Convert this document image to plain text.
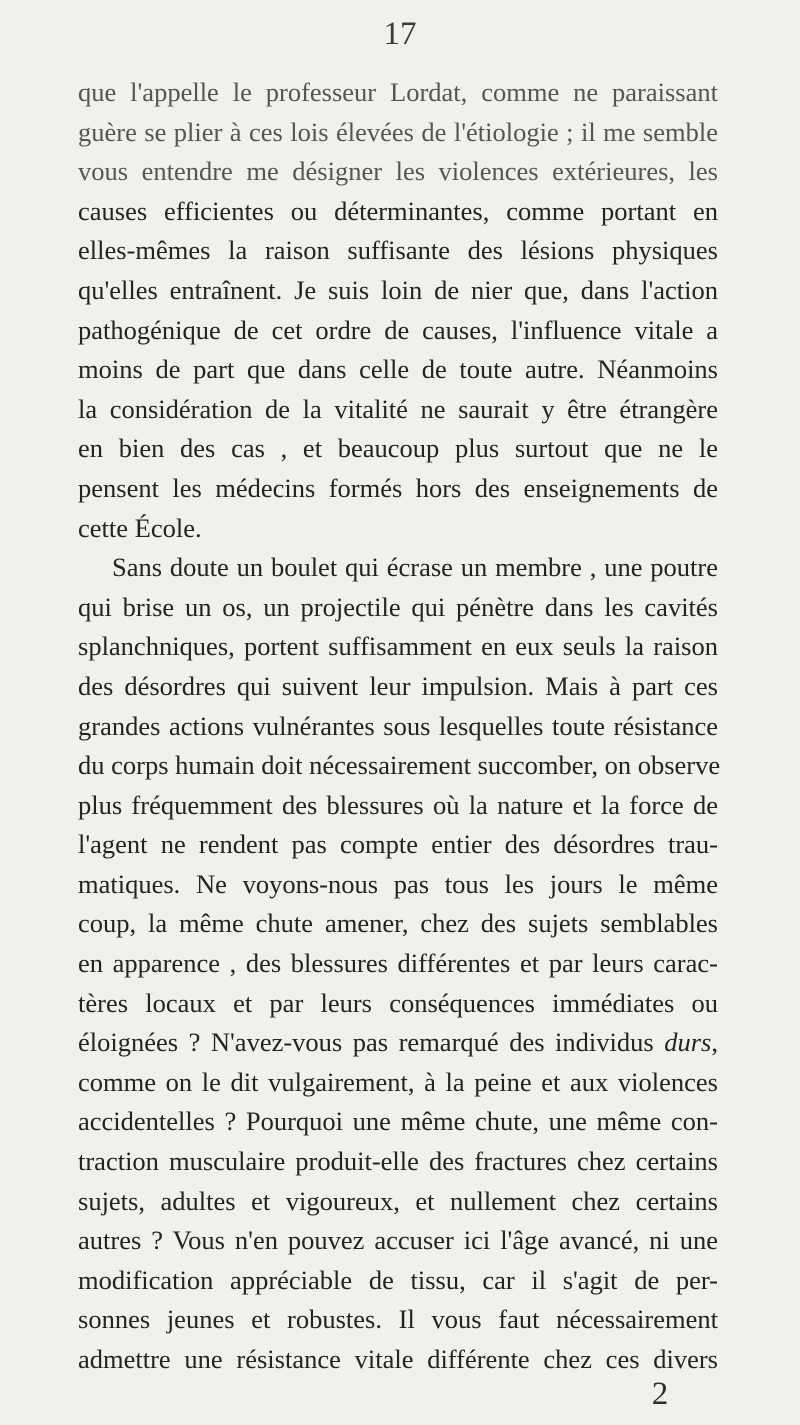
17
que l'appelle le professeur Lordat, comme ne paraissant
guère se plier à ces lois élevées de l'étiologie ; il me semble
vous entendre me désigner les violences extérieures, les
causes efficientes ou déterminantes, comme portant en
elles-mêmes la raison suffisante des lésions physiques
qu'elles entraînent. Je suis loin de nier que, dans l'action
pathogénique de cet ordre de causes, l'influence vitale a
moins de part que dans celle de toute autre. Néanmoins
la considération de la vitalité ne saurait y être étrangère
en bien des cas , et beaucoup plus surtout que ne le
pensent les médecins formés hors des enseignements de
cette École.
Sans doute un boulet qui écrase un membre , une poutre
qui brise un os, un projectile qui pénètre dans les cavités
splanchniques, portent suffisamment en eux seuls la raison
des désordres qui suivent leur impulsion. Mais à part ces
grandes actions vulnérantes sous lesquelles toute résistance
du corps humain doit nécessairement succomber, on observe
plus fréquemment des blessures où la nature et la force de
l'agent ne rendent pas compte entier des désordres trau-
matiques. Ne voyons-nous pas tous les jours le même
coup, la même chute amener, chez des sujets semblables
en apparence , des blessures différentes et par leurs carac-
tères locaux et par leurs conséquences immédiates ou
éloignées ? N'avez-vous pas remarqué des individus durs,
comme on le dit vulgairement, à la peine et aux violences
accidentelles ? Pourquoi une même chute, une même con-
traction musculaire produit-elle des fractures chez certains
sujets, adultes et vigoureux, et nullement chez certains
autres ? Vous n'en pouvez accuser ici l'âge avancé, ni une
modification appréciable de tissu, car il s'agit de per-
sonnes jeunes et robustes. Il vous faut nécessairement
admettre une résistance vitale différente chez ces divers
2
